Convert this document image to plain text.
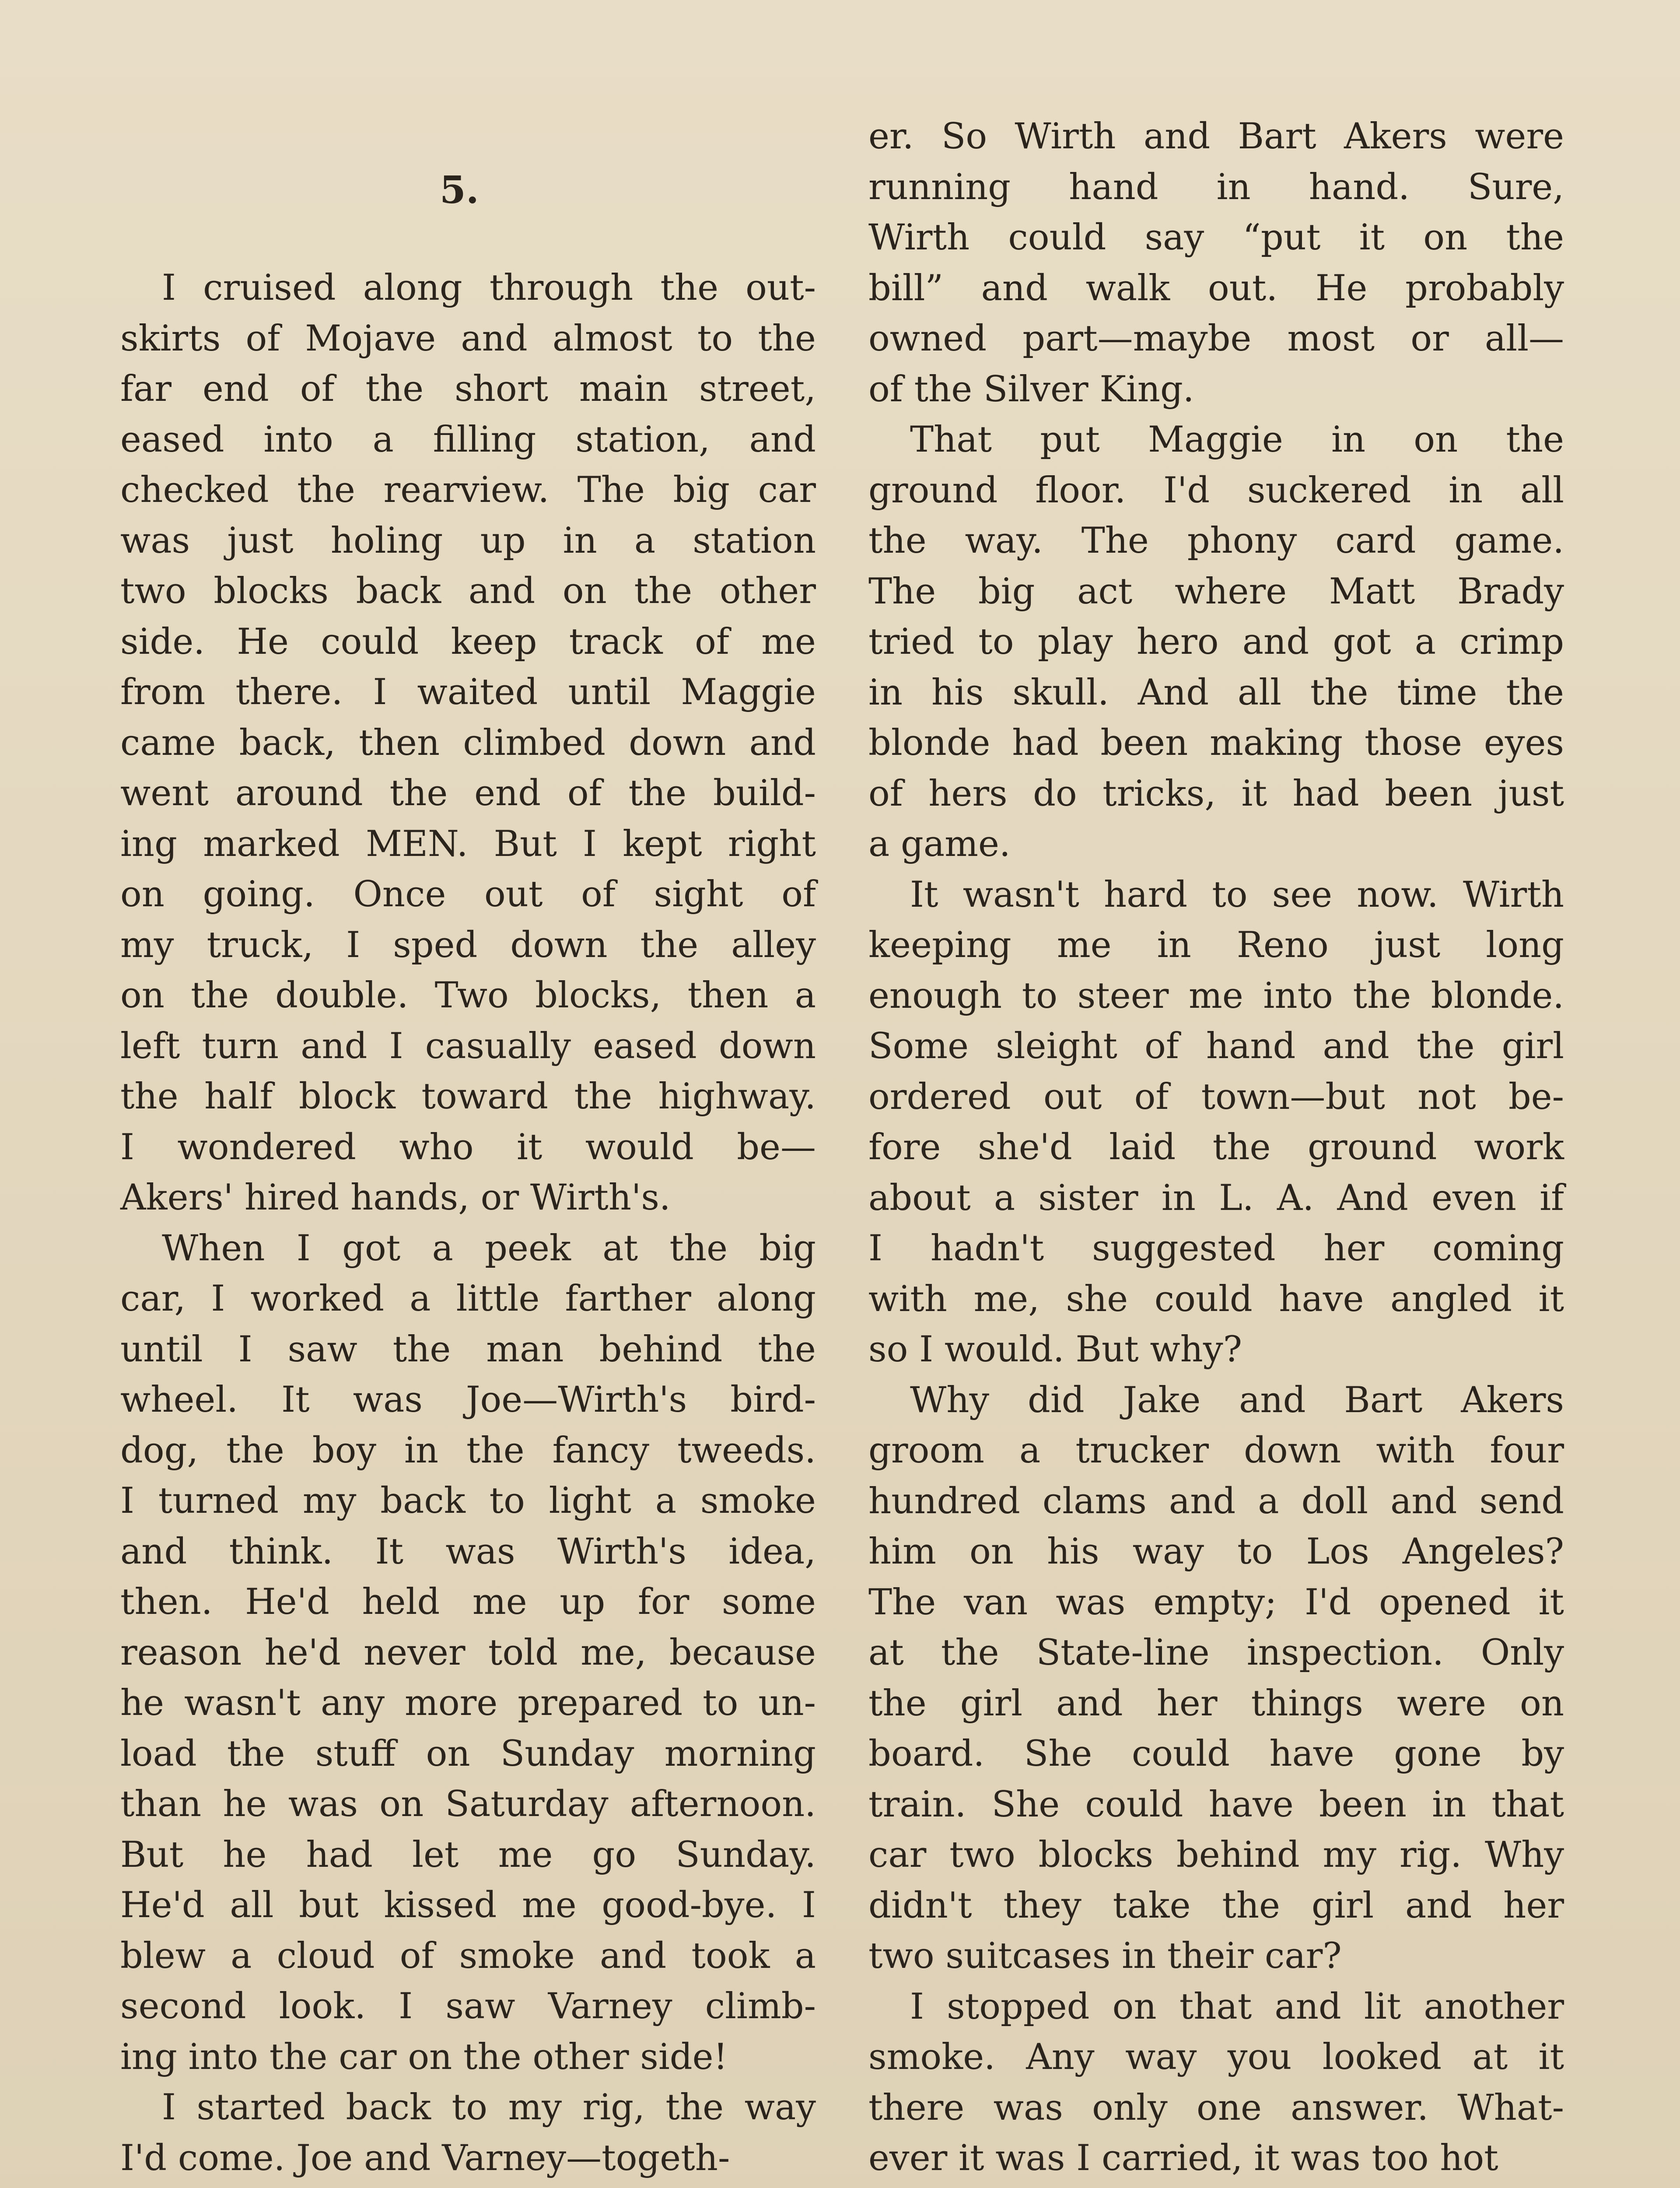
5.
I cruised along through the out-
skirts of Mojave and almost to the
far end of the short main street,
eased into a filling station, and
checked the rearview. The big car
was just holing up in a station
two blocks back and on the other
side. He could keep track of me
from there. I waited until Maggie
came back, then climbed down and
went around the end of the build-
ing marked MEN. But I kept right
on going. Once out of sight of
my truck, I sped down the alley
on the double. Two blocks, then a
left turn and I casually eased down
the half block toward the highway.
I wondered who it would be—
Akers' hired hands, or Wirth's.
When I got a peek at the big
car, I worked a little farther along
until I saw the man behind the
wheel. It was Joe—Wirth's bird-
dog, the boy in the fancy tweeds.
I turned my back to light a smoke
and think. It was Wirth's idea,
then. He'd held me up for some
reason he'd never told me, because
he wasn't any more prepared to un-
load the stuff on Sunday morning
than he was on Saturday afternoon.
But he had let me go Sunday.
He'd all but kissed me good-bye. I
blew a cloud of smoke and took a
second look. I saw Varney climb-
ing into the car on the other side!
I started back to my rig, the way
I'd come. Joe and Varney—togeth-
er. So Wirth and Bart Akers were
running hand in hand. Sure,
Wirth could say “put it on the
bill” and walk out. He probably
owned part—maybe most or all—
of the Silver King.
That put Maggie in on the
ground floor. I'd suckered in all
the way. The phony card game.
The big act where Matt Brady
tried to play hero and got a crimp
in his skull. And all the time the
blonde had been making those eyes
of hers do tricks, it had been just
a game.
It wasn't hard to see now. Wirth
keeping me in Reno just long
enough to steer me into the blonde.
Some sleight of hand and the girl
ordered out of town—but not be-
fore she'd laid the ground work
about a sister in L. A. And even if
I hadn't suggested her coming
with me, she could have angled it
so I would. But why?
Why did Jake and Bart Akers
groom a trucker down with four
hundred clams and a doll and send
him on his way to Los Angeles?
The van was empty; I'd opened it
at the State-line inspection. Only
the girl and her things were on
board. She could have gone by
train. She could have been in that
car two blocks behind my rig. Why
didn't they take the girl and her
two suitcases in their car?
I stopped on that and lit another
smoke. Any way you looked at it
there was only one answer. What-
ever it was I carried, it was too hot
